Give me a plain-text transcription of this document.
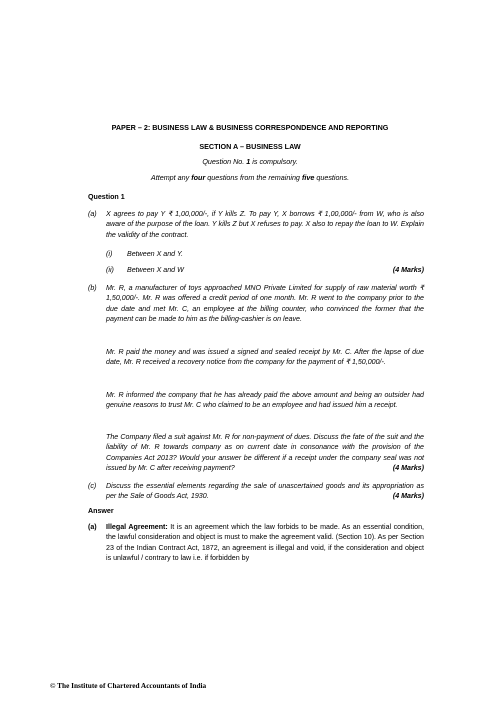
PAPER – 2: BUSINESS LAW & BUSINESS CORRESPONDENCE AND REPORTING
SECTION A – BUSINESS LAW
Question No. 1 is compulsory.
Attempt any four questions from the remaining five questions.
Question 1
(a) X agrees to pay Y ₹ 1,00,000/-, if Y kills Z. To pay Y, X borrows ₹ 1,00,000/- from W, who is also aware of the purpose of the loan. Y kills Z but X refuses to pay. X also to repay the loan to W. Explain the validity of the contract.
(i) Between X and Y.
(ii) Between X and W	(4 Marks)
(b) Mr. R, a manufacturer of toys approached MNO Private Limited for supply of raw material worth ₹ 1,50,000/-. Mr. R was offered a credit period of one month. Mr. R went to the company prior to the due date and met Mr. C, an employee at the billing counter, who convinced the former that the payment can be made to him as the billing-cashier is on leave.
Mr. R paid the money and was issued a signed and sealed receipt by Mr. C. After the lapse of due date, Mr. R received a recovery notice from the company for the payment of ₹ 1,50,000/-.
Mr. R informed the company that he has already paid the above amount and being an outsider had genuine reasons to trust Mr. C who claimed to be an employee and had issued him a receipt.
The Company filed a suit against Mr. R for non-payment of dues. Discuss the fate of the suit and the liability of Mr. R towards company as on current date in consonance with the provision of the Companies Act 2013? Would your answer be different if a receipt under the company seal was not issued by Mr. C after receiving payment?	(4 Marks)
(c) Discuss the essential elements regarding the sale of unascertained goods and its appropriation as per the Sale of Goods Act, 1930.	(4 Marks)
Answer
(a) Illegal Agreement: It is an agreement which the law forbids to be made. As an essential condition, the lawful consideration and object is must to make the agreement valid. (Section 10). As per Section 23 of the Indian Contract Act, 1872, an agreement is illegal and void, if the consideration and object is unlawful / contrary to law i.e. if forbidden by
© The Institute of Chartered Accountants of India
